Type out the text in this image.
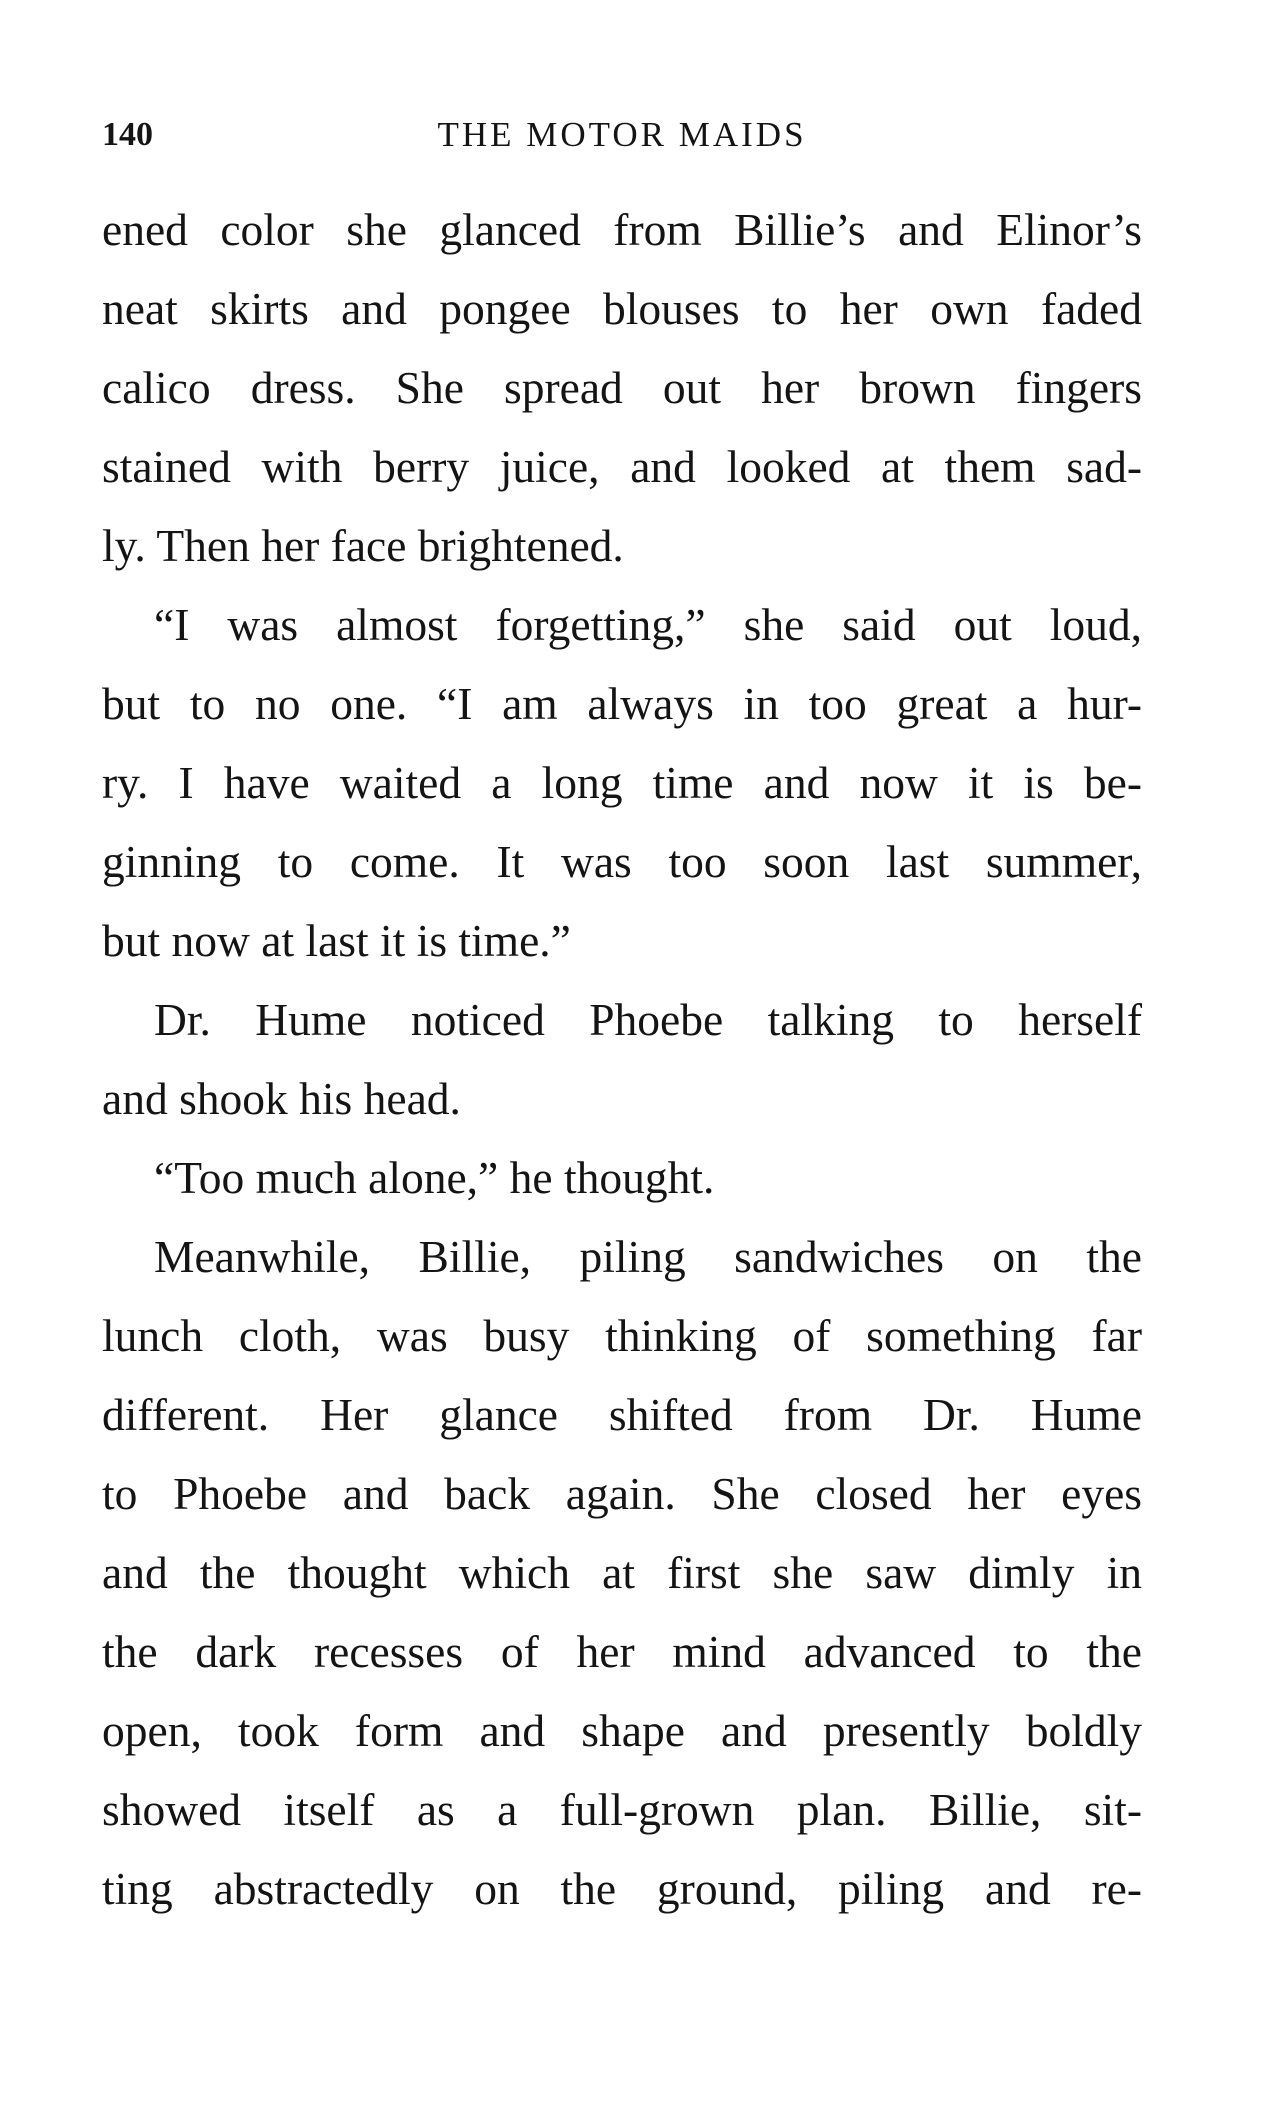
140	THE MOTOR MAIDS
ened color she glanced from Billie’s and Elinor’s
neat skirts and pongee blouses to her own faded
calico dress. She spread out her brown fingers
stained with berry juice, and looked at them sad-
ly. Then her face brightened.
“I was almost forgetting,” she said out loud,
but to no one. “I am always in too great a hur-
ry. I have waited a long time and now it is be-
ginning to come. It was too soon last summer,
but now at last it is time.”
Dr. Hume noticed Phoebe talking to herself
and shook his head.
“Too much alone,” he thought.
Meanwhile, Billie, piling sandwiches on the
lunch cloth, was busy thinking of something far
different. Her glance shifted from Dr. Hume
to Phoebe and back again. She closed her eyes
and the thought which at first she saw dimly in
the dark recesses of her mind advanced to the
open, took form and shape and presently boldly
showed itself as a full-grown plan. Billie, sit-
ting abstractedly on the ground, piling and re-
